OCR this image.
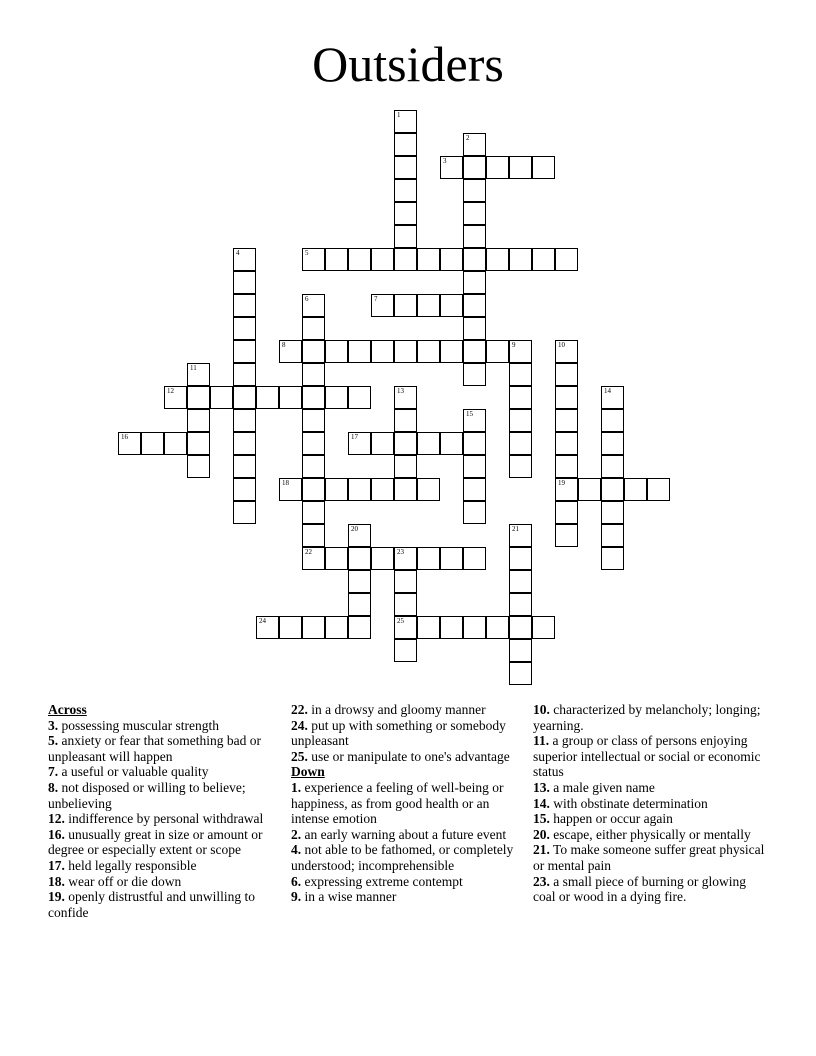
Outsiders
3
5
7
8	9
12
16	17
18	19
22	23
24	25
1
2
4
6
10
11
13	14
15
20	21
Across
3. possessing muscular strength
5. anxiety or fear that something bad or unpleasant will happen
7. a useful or valuable quality
8. not disposed or willing to believe; unbelieving
12. indifference by personal withdrawal
16. unusually great in size or amount or degree or especially extent or scope
17. held legally responsible
18. wear off or die down
19. openly distrustful and unwilling to confide
22. in a drowsy and gloomy manner
24. put up with something or somebody unpleasant
25. use or manipulate to one's advantage
Down
1. experience a feeling of well-being or happiness, as from good health or an intense emotion
2. an early warning about a future event
4. not able to be fathomed, or completely understood; incomprehensible
6. expressing extreme contempt
9. in a wise manner
10. characterized by melancholy; longing; yearning.
11. a group or class of persons enjoying superior intellectual or social or economic status
13. a male given name
14. with obstinate determination
15. happen or occur again
20. escape, either physically or mentally
21. To make someone suffer great physical or mental pain
23. a small piece of burning or glowing coal or wood in a dying fire.
